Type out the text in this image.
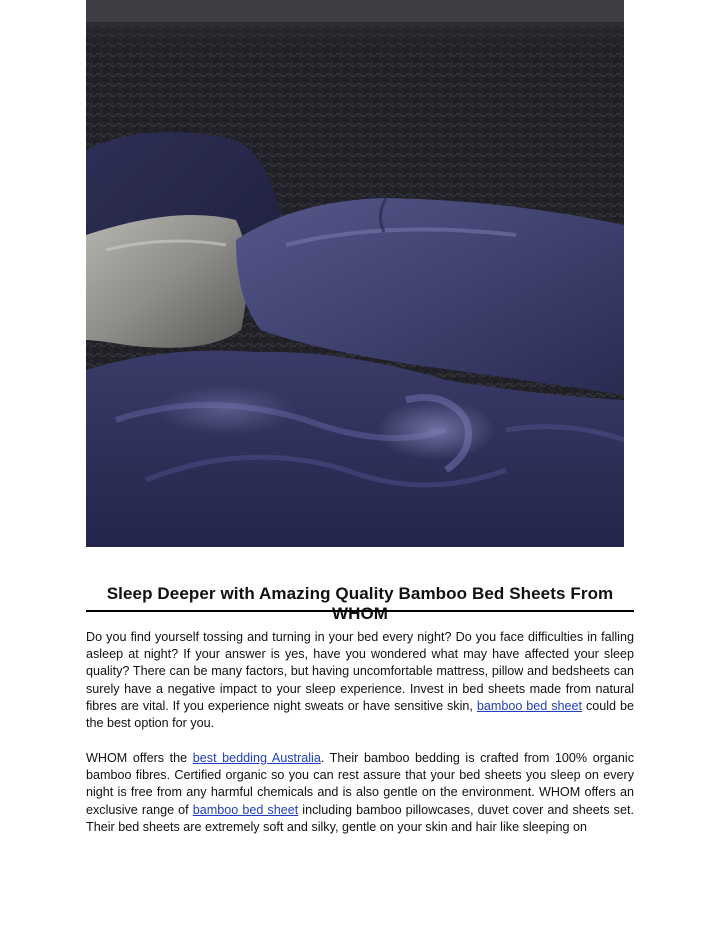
Sleep Deeper with Amazing Quality Bamboo Bed Sheets From WHOM

Do you find yourself tossing and turning in your bed every night? Do you face difficulties in falling asleep at night? If your answer is yes, have you wondered what may have affected your sleep quality? There can be many factors, but having uncomfortable mattress, pillow and bedsheets can surely have a negative impact to your sleep experience. Invest in bed sheets made from natural fibres are vital. If you experience night sweats or have sensitive skin, bamboo bed sheet could be the best option for you.

WHOM offers the best bedding Australia. Their bamboo bedding is crafted from 100% organic bamboo fibres. Certified organic so you can rest assure that your bed sheets you sleep on every night is free from any harmful chemicals and is also gentle on the environment. WHOM offers an exclusive range of bamboo bed sheet including bamboo pillowcases, duvet cover and sheets set. Their bed sheets are extremely soft and silky, gentle on your skin and hair like sleeping on
